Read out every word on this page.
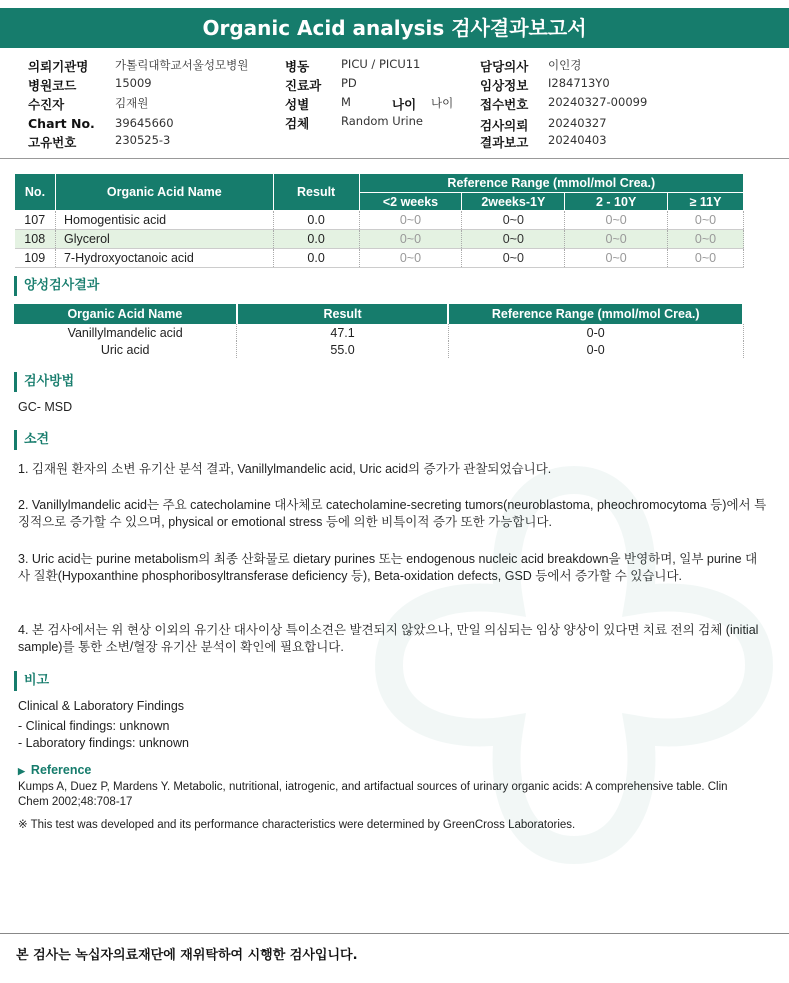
Organic Acid analysis 검사결과보고서
의뢰기관명 가톨릭대학교서울성모병원
병원코드	15009
수진자	김재원
Chart No. 39645660
고유번호	230525-3
병동	PICU / PICU11
진료과 PD
성별	M	나이 나이
검체	Random Urine
담당의사 이인경
임상정보 I284713Y0
접수번호 20240327-00099
검사의뢰 20240327
결과보고 20240403
No.	Organic Acid Name	Result	Reference Range (mmol/mol Crea.)			
			<2 weeks	2weeks-1Y	2 - 10Y	≥ 11Y
107	Homogentisic acid	0.0	0~0	0~0	0~0	0~0
108	Glycerol	0.0	0~0	0~0	0~0	0~0
109	7-Hydroxyoctanoic acid	0.0	0~0	0~0	0~0	0~0
양성검사결과
Organic Acid Name	Result	Reference Range (mmol/mol Crea.)
Vanillylmandelic acid	47.1	0-0
Uric acid	55.0	0-0
검사방법
GC- MSD
소견
1. 김재원 환자의 소변 유기산 분석 결과, Vanillylmandelic acid, Uric acid의 증가가 관찰되었습니다.
2. Vanillylmandelic acid는 주요 catecholamine 대사체로 catecholamine-secreting tumors(neuroblastoma, pheochromocytoma 등)에서 특징적으로 증가할 수 있으며, physical or emotional stress 등에 의한 비특이적 증가 또한 가능합니다.
3. Uric acid는 purine metabolism의 최종 산화물로 dietary purines 또는 endogenous nucleic acid breakdown을 반영하며, 일부 purine 대사 질환(Hypoxanthine phosphoribosyltransferase deficiency 등), Beta-oxidation defects, GSD 등에서 증가할 수 있습니다.
4. 본 검사에서는 위 현상 이외의 유기산 대사이상 특이소견은 발견되지 않았으나, 만일 의심되는 임상 양상이 있다면 치료 전의 검체 (initial sample)를 통한 소변/혈장 유기산 분석이 확인에 필요합니다.
비고
Clinical & Laboratory Findings
- Clinical findings: unknown
- Laboratory findings: unknown
▶ Reference
Kumps A, Duez P, Mardens Y. Metabolic, nutritional, iatrogenic, and artifactual sources of urinary organic acids: A comprehensive table. Clin Chem 2002;48:708-17
※ This test was developed and its performance characteristics were determined by GreenCross Laboratories.
본 검사는 녹십자의료재단에 재위탁하여 시행한 검사입니다.
